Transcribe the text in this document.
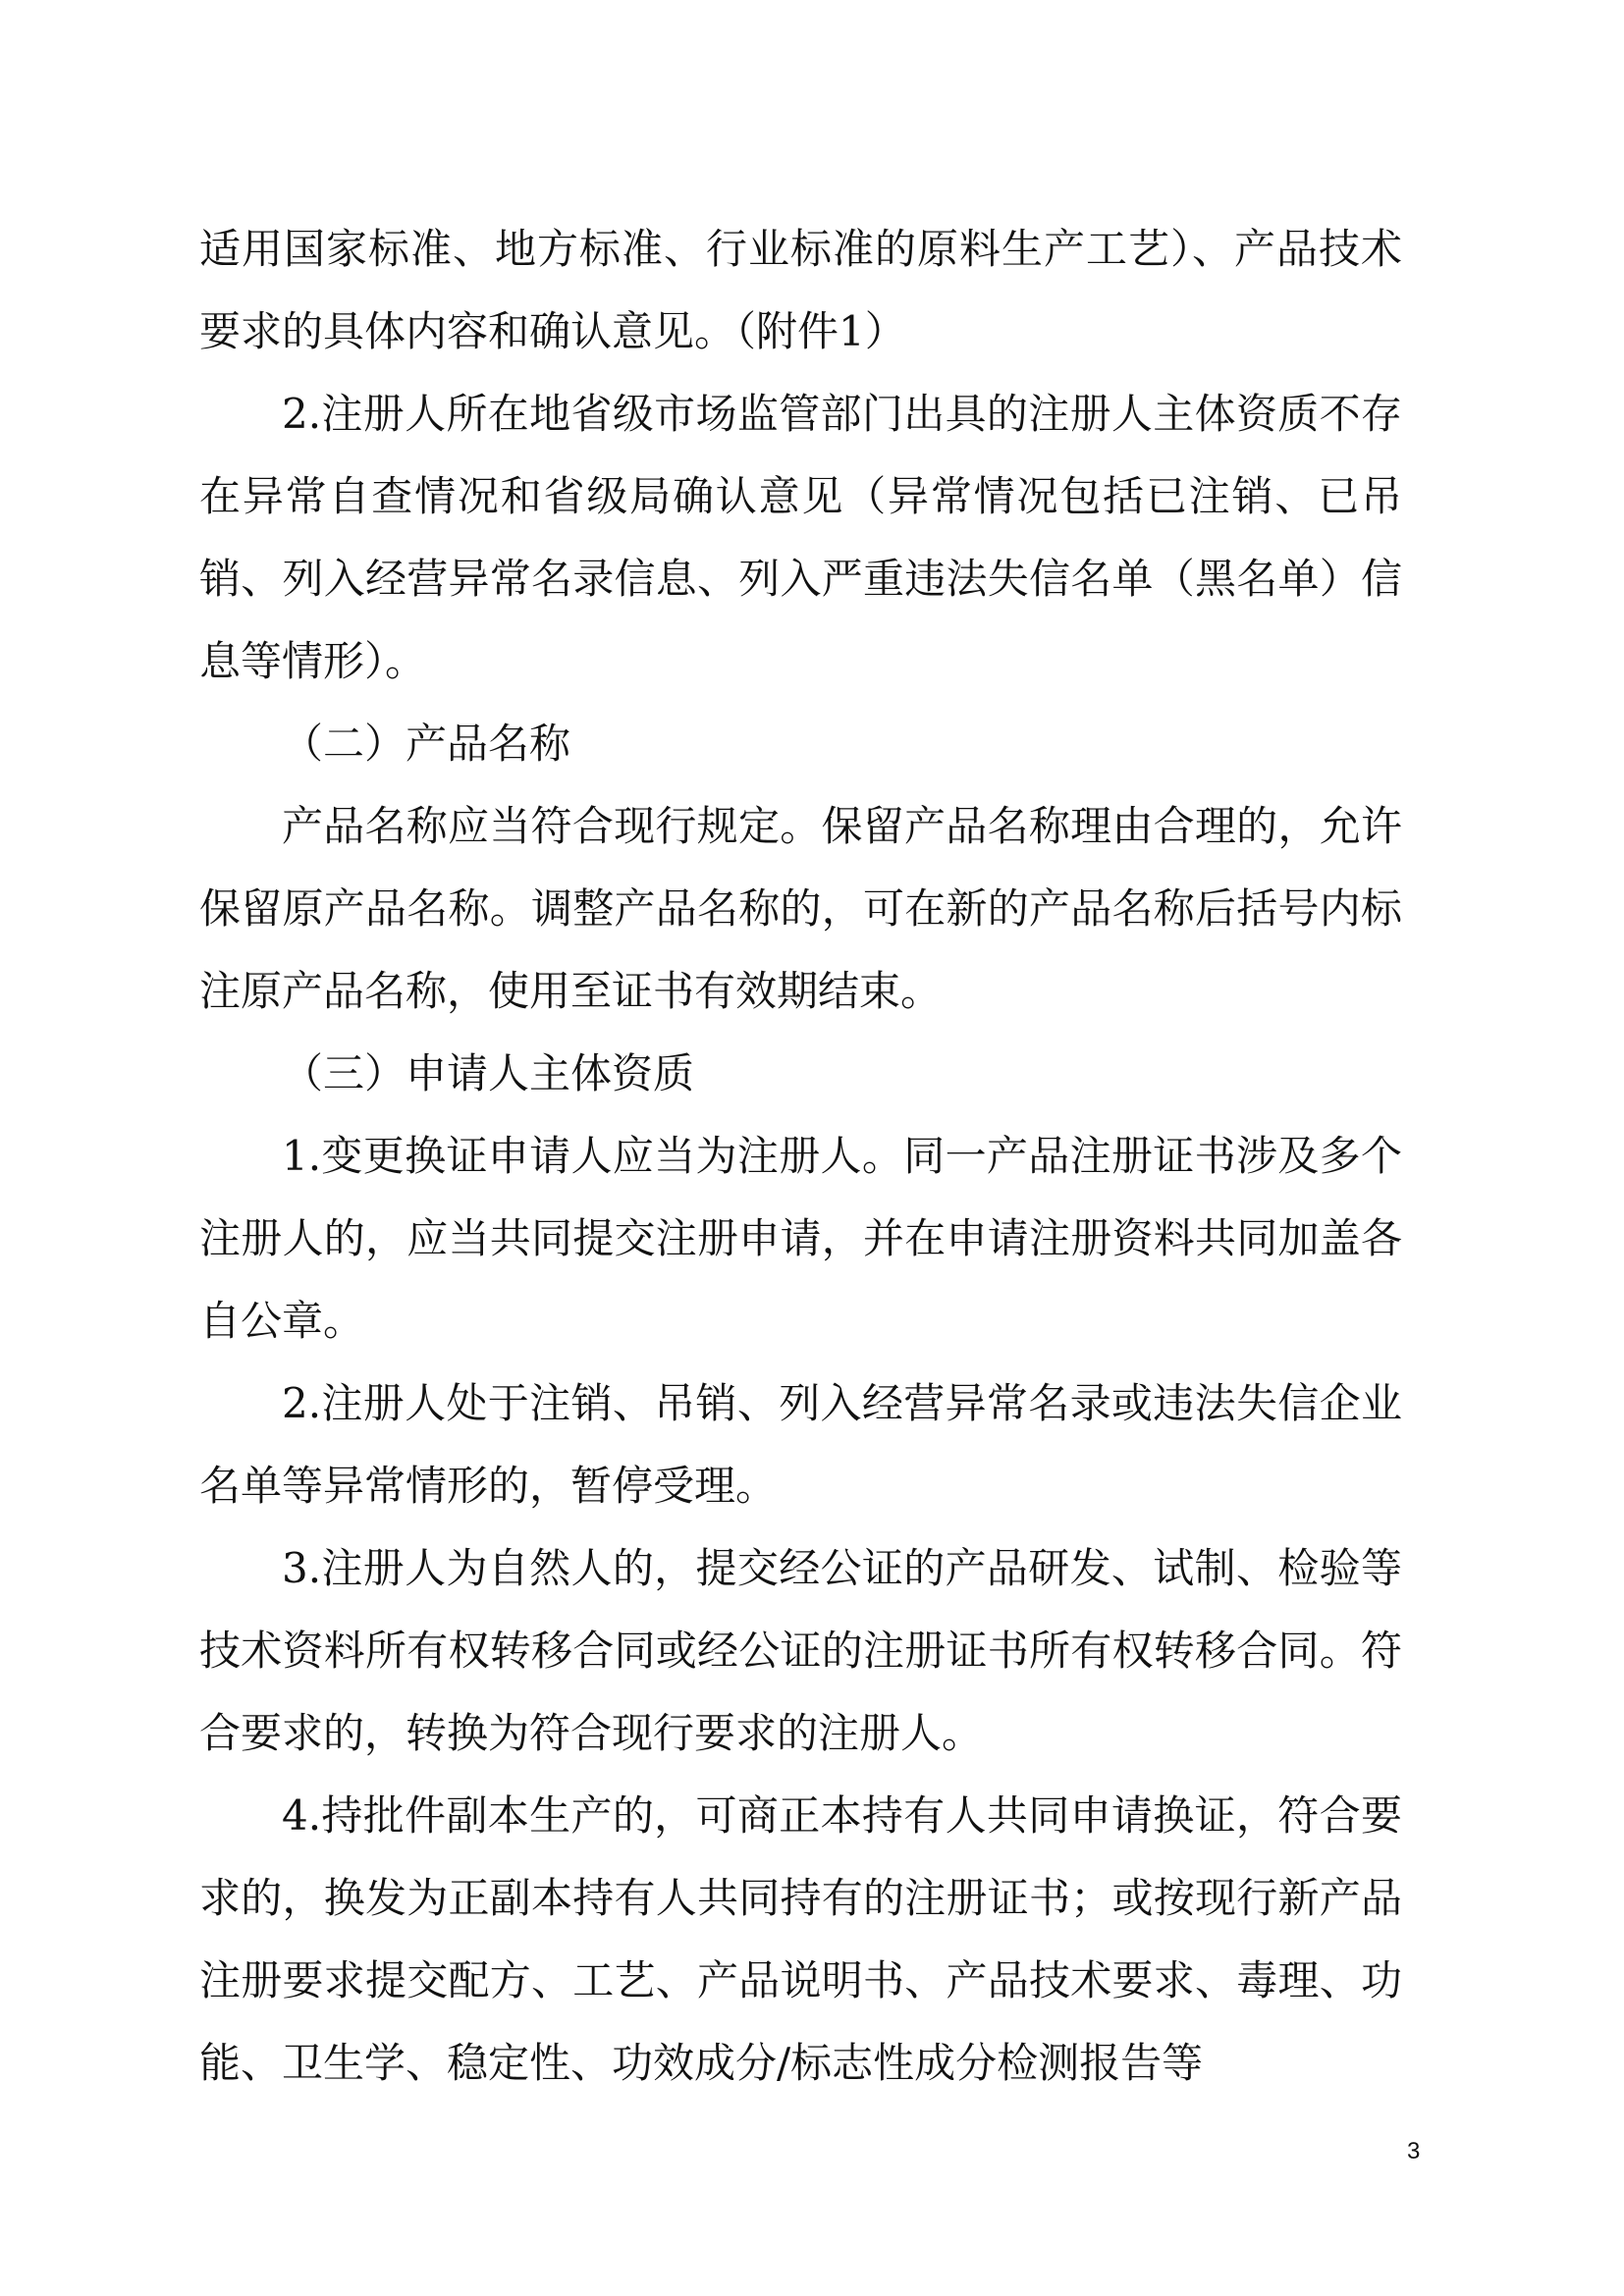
适用国家标准、地方标准、行业标准的原料生产工艺）、产品技术要求的具体内容和确认意见。（附件1）

2.注册人所在地省级市场监管部门出具的注册人主体资质不存在异常自查情况和省级局确认意见（异常情况包括已注销、已吊销、列入经营异常名录信息、列入严重违法失信名单（黑名单）信息等情形）。

（二）产品名称

产品名称应当符合现行规定。保留产品名称理由合理的，允许保留原产品名称。调整产品名称的，可在新的产品名称后括号内标注原产品名称，使用至证书有效期结束。

（三）申请人主体资质

1.变更换证申请人应当为注册人。同一产品注册证书涉及多个注册人的，应当共同提交注册申请，并在申请注册资料共同加盖各自公章。

2.注册人处于注销、吊销、列入经营异常名录或违法失信企业名单等异常情形的，暂停受理。

3.注册人为自然人的，提交经公证的产品研发、试制、检验等技术资料所有权转移合同或经公证的注册证书所有权转移合同。符合要求的，转换为符合现行要求的注册人。

4.持批件副本生产的，可商正本持有人共同申请换证，符合要求的，换发为正副本持有人共同持有的注册证书；或按现行新产品注册要求提交配方、工艺、产品说明书、产品技术要求、毒理、功能、卫生学、稳定性、功效成分/标志性成分检测报告等

3
